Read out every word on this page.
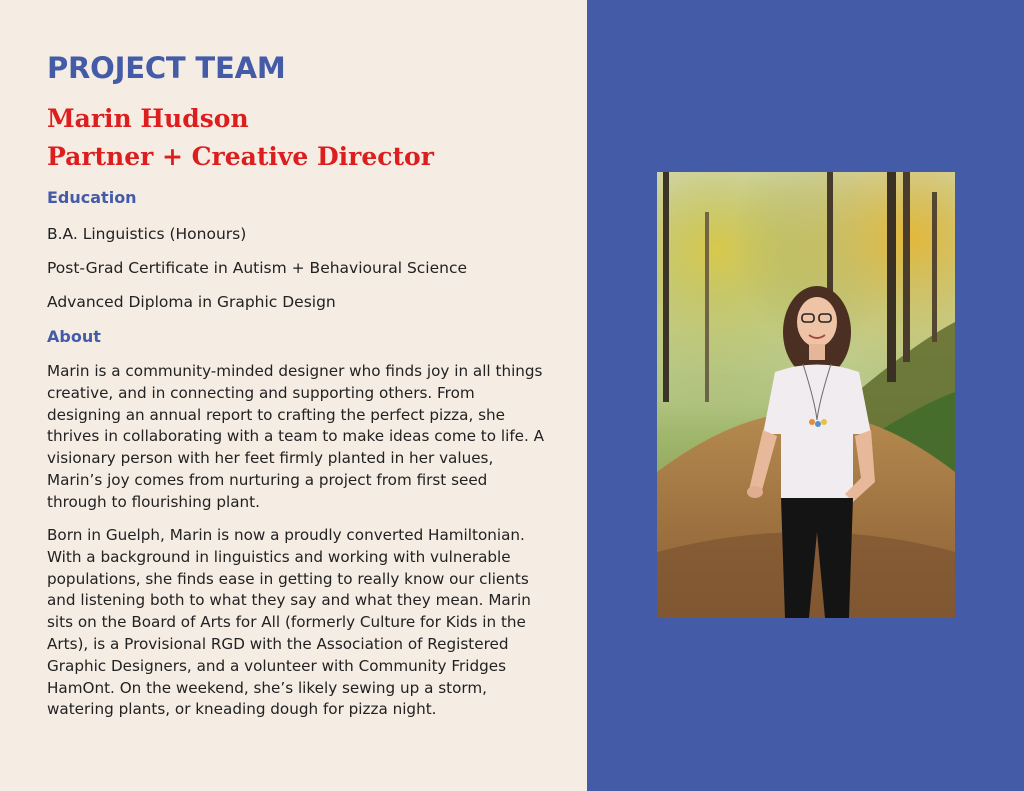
PROJECT TEAM
Marin Hudson
Partner + Creative Director
Education

B.A. Linguistics (Honours)

Post-Grad Certificate in Autism + Behavioural Science

Advanced Diploma in Graphic Design

About

Marin is a community-minded designer who finds joy in all things
creative, and in connecting and supporting others. From
designing an annual report to crafting the perfect pizza, she
thrives in collaborating with a team to make ideas come to life. A
visionary person with her feet firmly planted in her values,
Marin’s joy comes from nurturing a project from first seed
through to flourishing plant.

Born in Guelph, Marin is now a proudly converted Hamiltonian.
With a background in linguistics and working with vulnerable
populations, she finds ease in getting to really know our clients
and listening both to what they say and what they mean. Marin
sits on the Board of Arts for All (formerly Culture for Kids in the
Arts), is a Provisional RGD with the Association of Registered
Graphic Designers, and a volunteer with Community Fridges
HamOnt. On the weekend, she’s likely sewing up a storm,
watering plants, or kneading dough for pizza night.
